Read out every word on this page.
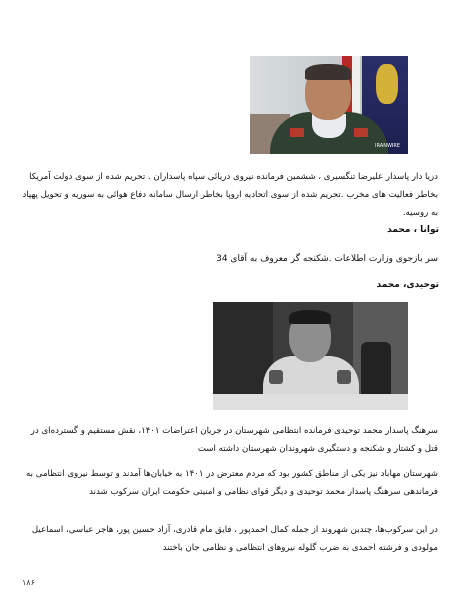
IRANWIRE

دریا دار پاسدار علیرضا تنگسیری ، ششمین فرمانده نیروی دریائی سپاه پاسداران . تحریم شده از سوی دولت آمریکا بخاطر فعالیت های مخرب .تحریم شده از سوی اتحادیه اروپا بخاطر ارسال سامانه دفاع هوائی به سوریه و تحویل پهپاد به روسیه.

توانا ، محمد

سر بازجوی وزارت اطلاعات .شکنجه گر معروف به آقای 34

توحیدی، محمد

سرهنگ پاسدار محمد توحیدی فرمانده انتظامی شهرستان در جریان اعتراضات ۱۴۰۱، نقش مستقیم و گسترده‌ای در قتل و کشتار و شکنجه و دستگیری شهروندان شهرستان داشته است

شهرستان مهاباد نیز یکی از مناطق کشور بود که مردم معترض در ۱۴۰۱ به خیابان‌ها آمدند و توسط نیروی انتظامی به فرماندهی سرهنگ پاسدار محمد توحیدی و دیگر قوای نظامی و امنیتی حکومت ایران سرکوب شدند

در این سرکوب‌ها، چندین شهروند از جمله کمال احمدپور ، فایق مام قادری، آزاد حسین پور، هاجر عباسی، اسماعیل مولودی و فرشته احمدی به ضرب گلوله نیروهای انتظامی و نظامی جان باختند

۱۸۶
